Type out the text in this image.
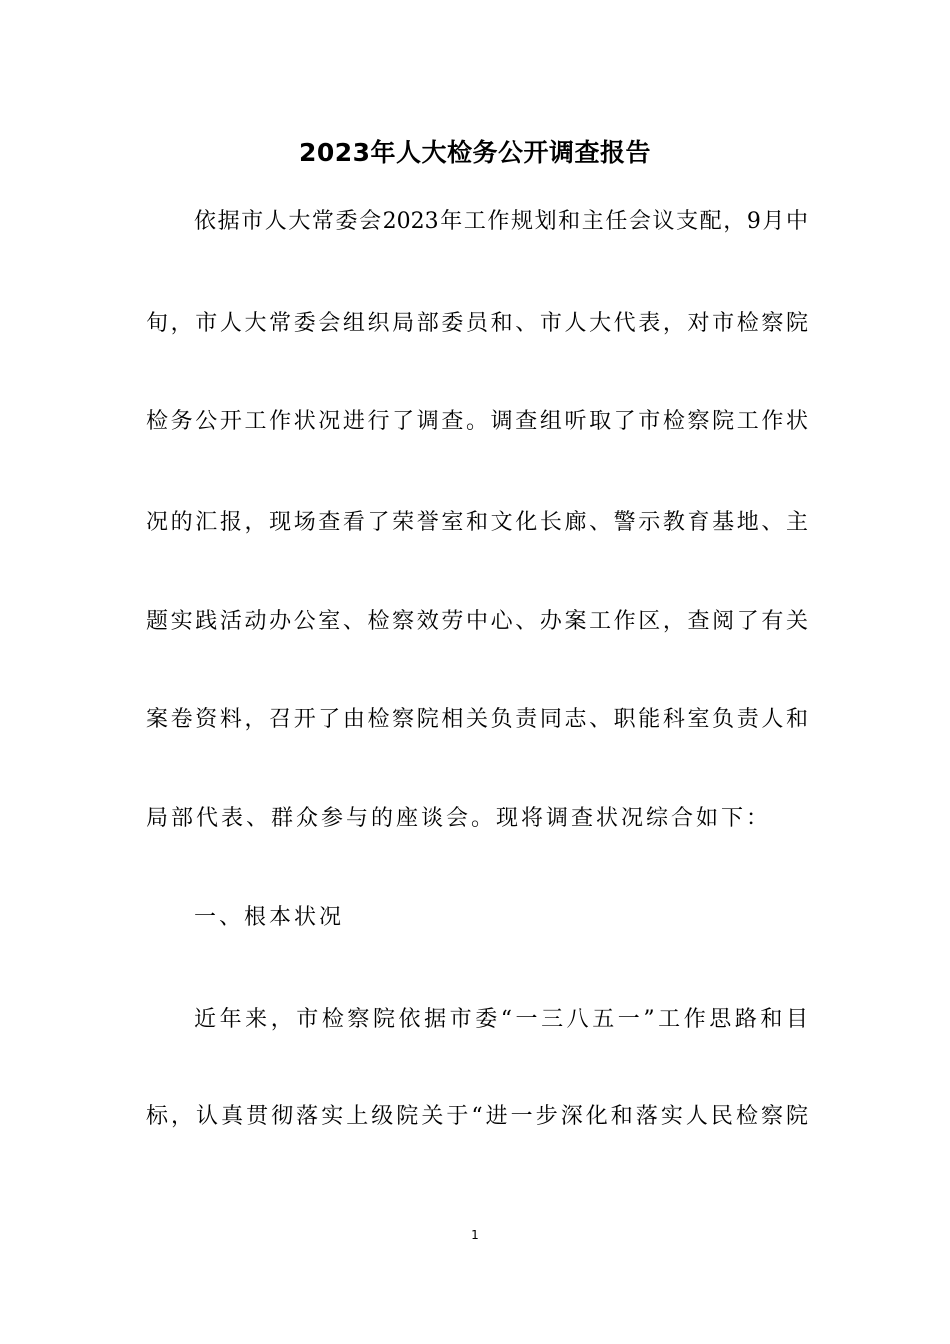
2023年人大检务公开调查报告
依据市人大常委会2023年工作规划和主任会议支配，9月中
旬，市人大常委会组织局部委员和、市人大代表，对市检察院
检务公开工作状况进行了调查。调查组听取了市检察院工作状
况的汇报，现场查看了荣誉室和文化长廊、警示教育基地、主
题实践活动办公室、检察效劳中心、办案工作区，查阅了有关
案卷资料，召开了由检察院相关负责同志、职能科室负责人和
局部代表、群众参与的座谈会。现将调查状况综合如下：
一、根本状况
近年来，市检察院依据市委“一三八五一”工作思路和目
标，认真贯彻落实上级院关于“进一步深化和落实人民检察院
1
